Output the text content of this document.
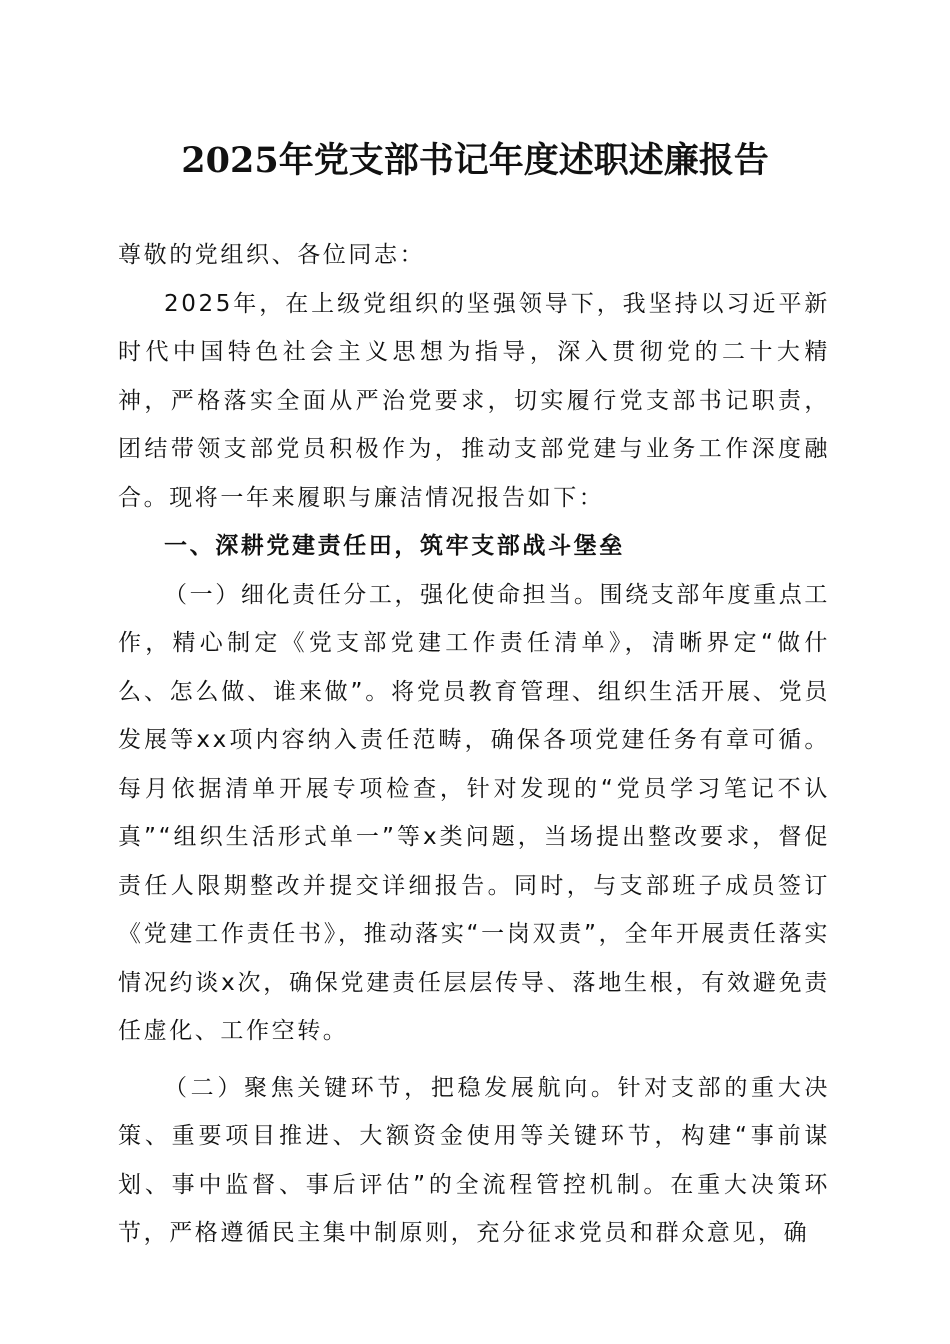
2025年党支部书记年度述职述廉报告

尊敬的党组织、各位同志：

2025年，在上级党组织的坚强领导下，我坚持以习近平新时代中国特色社会主义思想为指导，深入贯彻党的二十大精神，严格落实全面从严治党要求，切实履行党支部书记职责，团结带领支部党员积极作为，推动支部党建与业务工作深度融合。现将一年来履职与廉洁情况报告如下：

一、深耕党建责任田，筑牢支部战斗堡垒

（一）细化责任分工，强化使命担当。围绕支部年度重点工作，精心制定《党支部党建工作责任清单》，清晰界定“做什么、怎么做、谁来做”。将党员教育管理、组织生活开展、党员发展等xx项内容纳入责任范畴，确保各项党建任务有章可循。每月依据清单开展专项检查，针对发现的“党员学习笔记不认真”“组织生活形式单一”等x类问题，当场提出整改要求，督促责任人限期整改并提交详细报告。同时，与支部班子成员签订《党建工作责任书》，推动落实“一岗双责”，全年开展责任落实情况约谈x次，确保党建责任层层传导、落地生根，有效避免责任虚化、工作空转。

（二）聚焦关键环节，把稳发展航向。针对支部的重大决策、重要项目推进、大额资金使用等关键环节，构建“事前谋划、事中监督、事后评估”的全流程管控机制。在重大决策环节，严格遵循民主集中制原则，充分征求党员和群众意见，确
